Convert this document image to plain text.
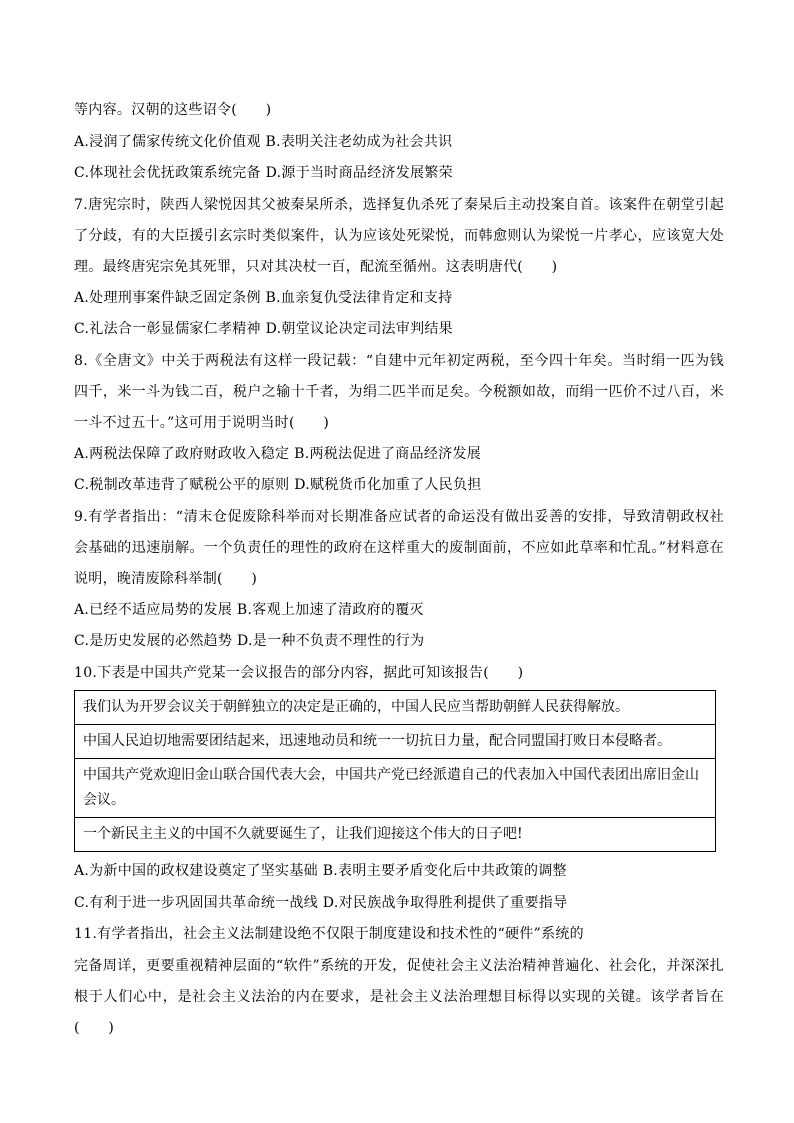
等内容。汉朝的这些诏令(　　)
A.浸润了儒家传统文化价值观 B.表明关注老幼成为社会共识
C.体现社会优抚政策系统完备 D.源于当时商品经济发展繁荣
7.唐宪宗时，陕西人梁悦因其父被秦杲所杀，选择复仇杀死了秦杲后主动投案自首。该案件在朝堂引起了分歧，有的大臣援引玄宗时类似案件，认为应该处死梁悦，而韩愈则认为梁悦一片孝心，应该宽大处理。最终唐宪宗免其死罪，只对其决杖一百，配流至循州。这表明唐代(　　)
A.处理刑事案件缺乏固定条例 B.血亲复仇受法律肯定和支持
C.礼法合一彰显儒家仁孝精神 D.朝堂议论决定司法审判结果
8.《全唐文》中关于两税法有这样一段记载：“自建中元年初定两税，至今四十年矣。当时绢一匹为钱四千，米一斗为钱二百，税户之输十千者，为绢二匹半而足矣。今税额如故，而绢一匹价不过八百，米一斗不过五十。”这可用于说明当时(　　)
A.两税法保障了政府财政收入稳定 B.两税法促进了商品经济发展
C.税制改革违背了赋税公平的原则 D.赋税货币化加重了人民负担
9.有学者指出：“清末仓促废除科举而对长期准备应试者的命运没有做出妥善的安排，导致清朝政权社会基础的迅速崩解。一个负责任的理性的政府在这样重大的废制面前，不应如此草率和忙乱。”材料意在说明，晚清废除科举制(　　)
A.已经不适应局势的发展 B.客观上加速了清政府的覆灭
C.是历史发展的必然趋势 D.是一种不负责不理性的行为
10.下表是中国共产党某一会议报告的部分内容，据此可知该报告(　　)
我们认为开罗会议关于朝鲜独立的决定是正确的，中国人民应当帮助朝鲜人民获得解放。
中国人民迫切地需要团结起来，迅速地动员和统一一切抗日力量，配合同盟国打败日本侵略者。
中国共产党欢迎旧金山联合国代表大会，中国共产党已经派遣自己的代表加入中国代表团出席旧金山会议。
一个新民主主义的中国不久就要诞生了，让我们迎接这个伟大的日子吧!
A.为新中国的政权建设奠定了坚实基础 B.表明主要矛盾变化后中共政策的调整
C.有利于进一步巩固国共革命统一战线 D.对民族战争取得胜利提供了重要指导
11.有学者指出，社会主义法制建设绝不仅限于制度建设和技术性的“硬件”系统的
完备周详，更要重视精神层面的“软件”系统的开发，促使社会主义法治精神普遍化、社会化，并深深扎根于人们心中，是社会主义法治的内在要求，是社会主义法治理想目标得以实现的关键。该学者旨在(　　)
